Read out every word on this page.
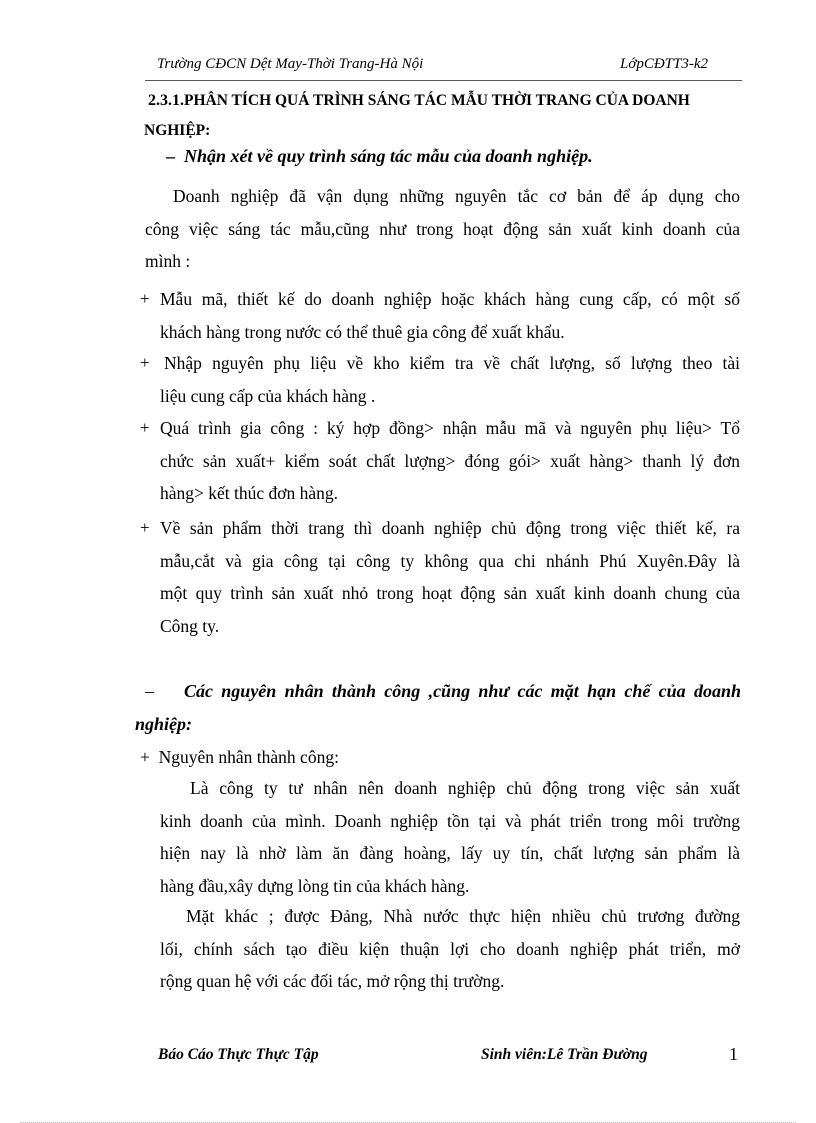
Trường CĐCN Dệt May-Thời Trang-Hà Nội	LớpCĐTT3-k2
2.3.1.PHÂN TÍCH QUÁ TRÌNH SÁNG TÁC MẪU THỜI TRANG CỦA DOANH
NGHIỆP:
– Nhận xét về quy trình sáng tác mẫu của doanh nghiệp.
Doanh nghiệp đã vận dụng những nguyên tắc cơ bản để áp dụng cho
công việc sáng tác mẫu,cũng như trong hoạt động sản xuất kinh doanh của
mình :
+ Mẫu mã, thiết kế do doanh nghiệp hoặc khách hàng cung cấp, có một số
khách hàng trong nước có thể thuê gia công để xuất khẩu.
+ Nhập nguyên phụ liệu về kho kiểm tra về chất lượng, số lượng theo tài
liệu cung cấp của khách hàng .
+ Quá trình gia công : ký hợp đồng> nhận mẫu mã và nguyên phụ liệu> Tổ
chức sản xuất+ kiểm soát chất lượng> đóng gói> xuất hàng> thanh lý đơn
hàng> kết thúc đơn hàng.
+ Về sản phẩm thời trang thì doanh nghiệp chủ động trong việc thiết kế, ra
mẫu,cắt và gia công tại công ty không qua chi nhánh Phú Xuyên.Đây là
một quy trình sản xuất nhỏ trong hoạt động sản xuất kinh doanh chung của
Công ty.
– Các nguyên nhân thành công ,cũng như các mặt hạn chế của doanh
nghiệp:
+ Nguyên nhân thành công:
Là công ty tư nhân nên doanh nghiệp chủ động trong việc sản xuất
kinh doanh của mình. Doanh nghiệp tồn tại và phát triển trong môi trường
hiện nay là nhờ làm ăn đàng hoàng, lấy uy tín, chất lượng sản phẩm là
hàng đầu,xây dựng lòng tin của khách hàng.
Mặt khác ; được Đảng, Nhà nước thực hiện nhiều chủ trương đường
lối, chính sách tạo điều kiện thuận lợi cho doanh nghiệp phát triển, mở
rộng quan hệ với các đối tác, mở rộng thị trường.
Báo Cáo Thực Thực Tập	Sinh viên:Lê Trần Đường	1
